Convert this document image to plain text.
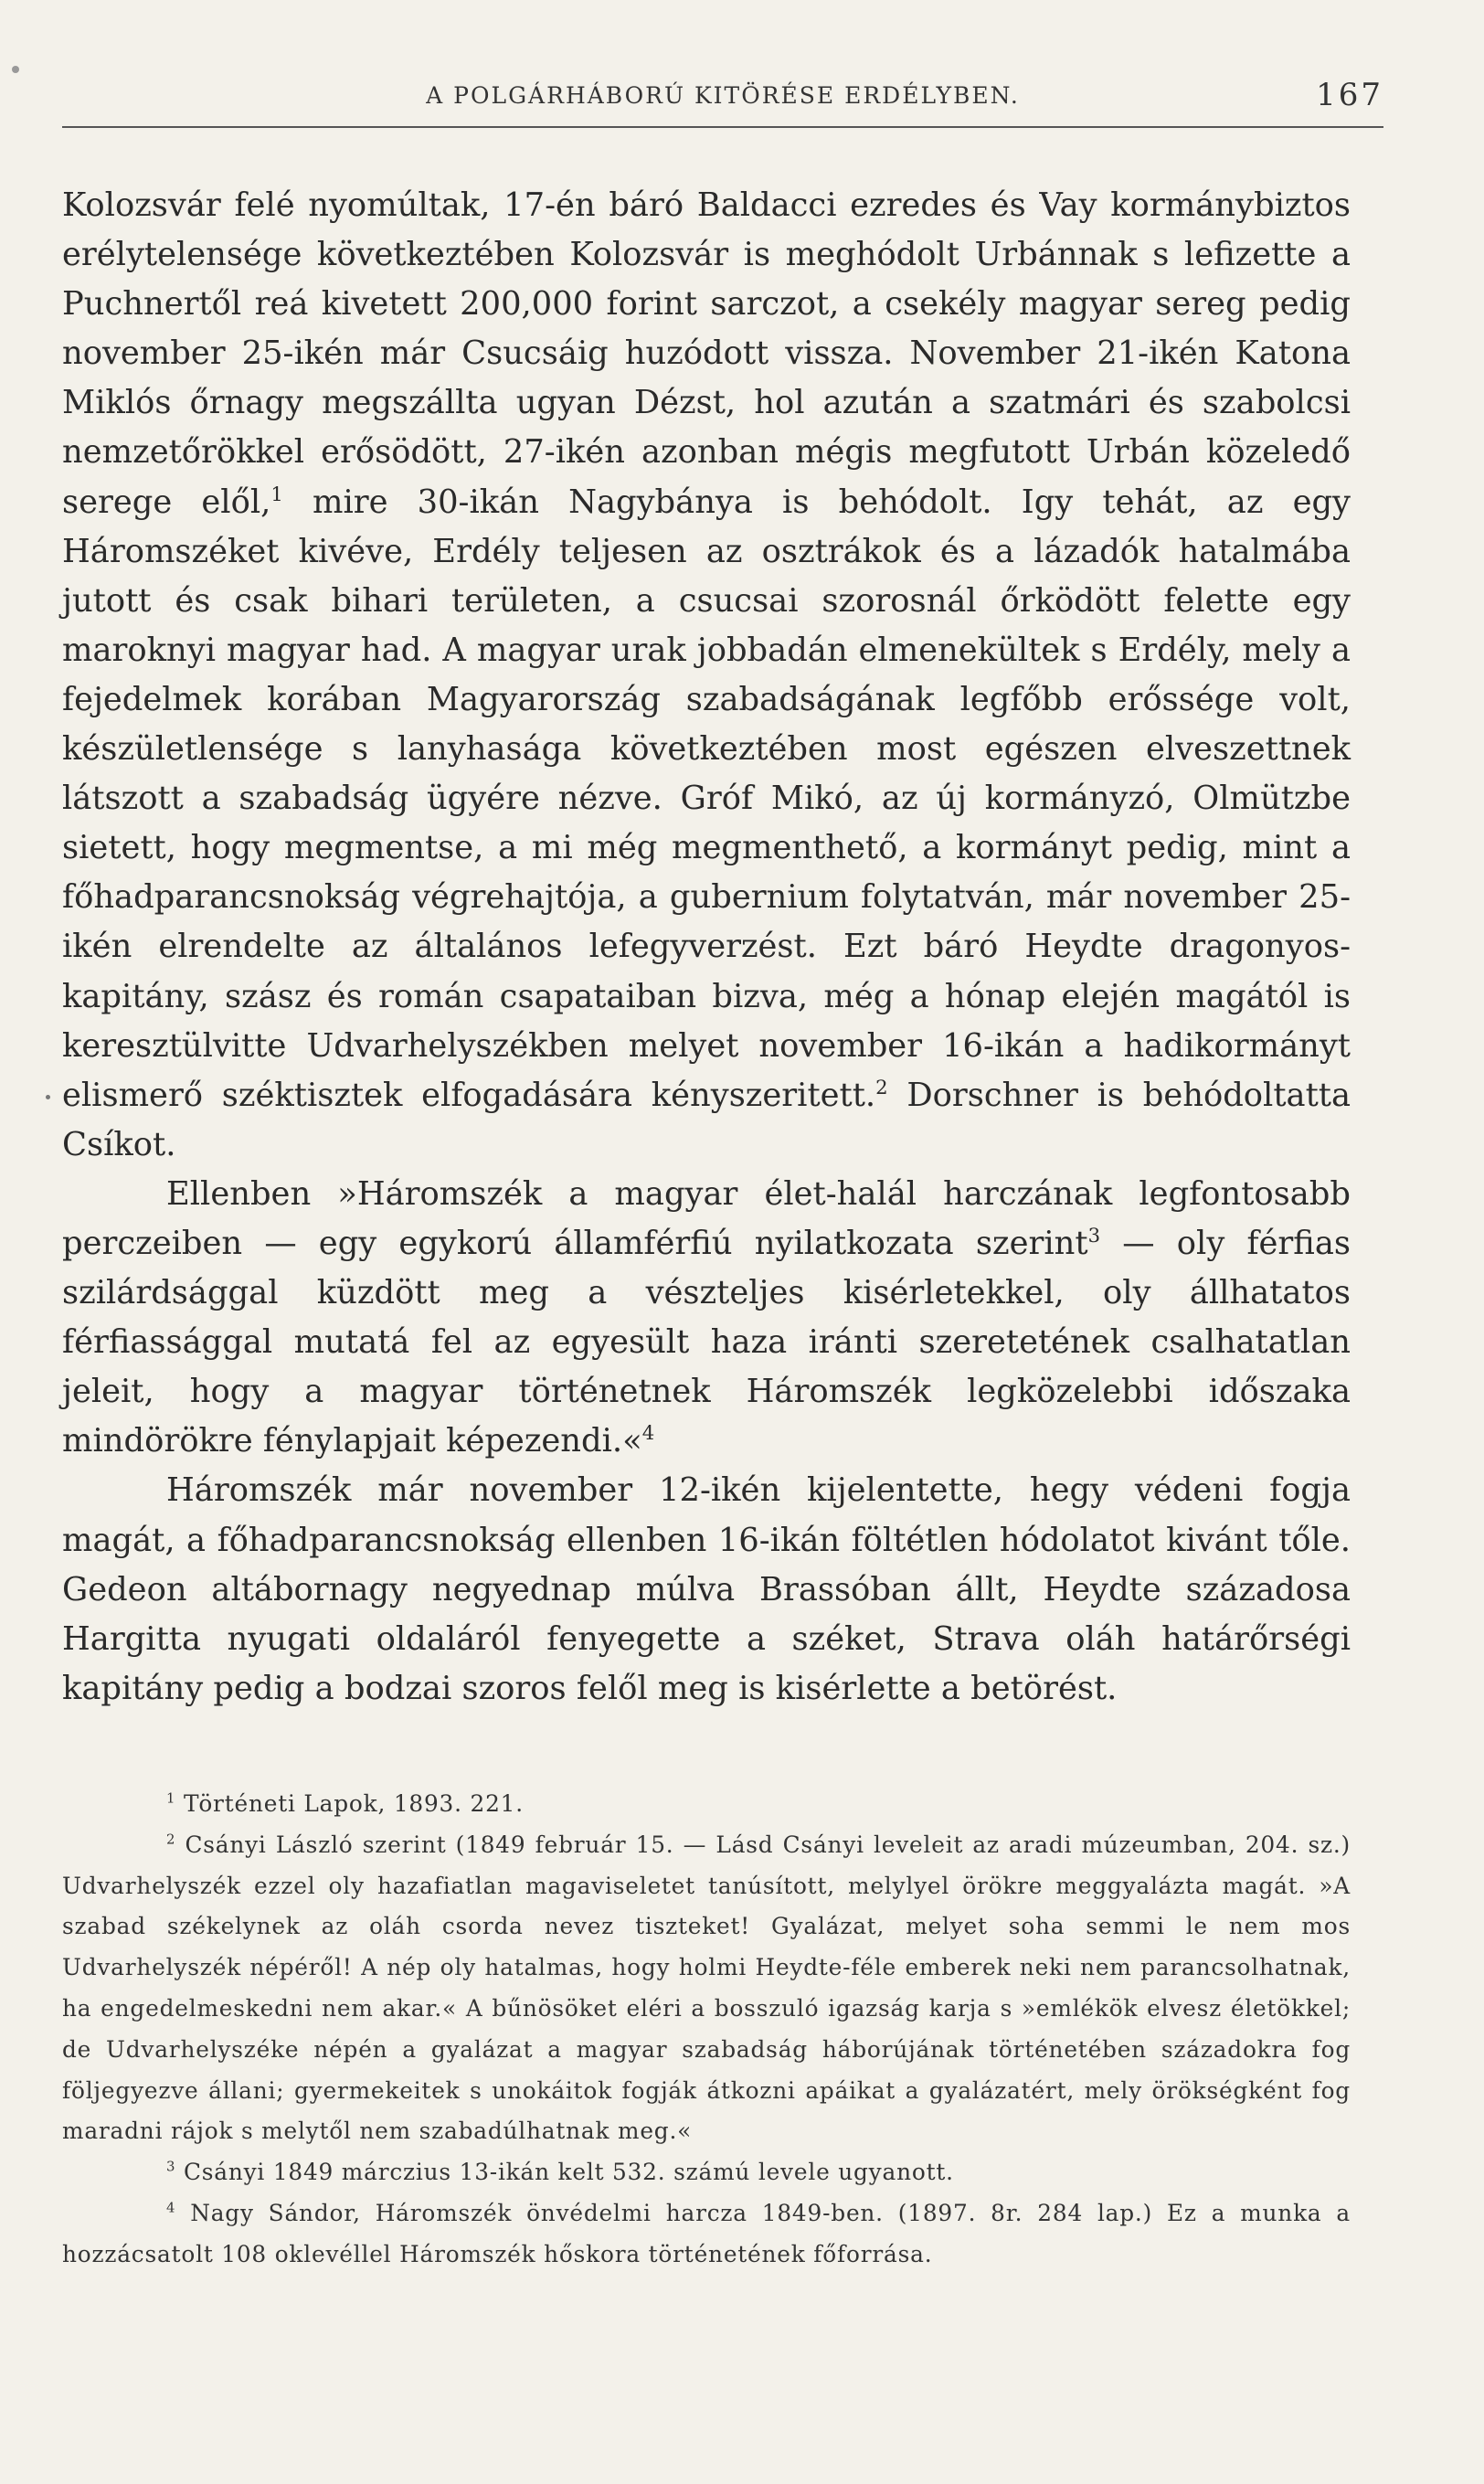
A POLGÁRHÁBORÚ KITÖRÉSE ERDÉLYBEN.	167

Kolozsvár felé nyomúltak, 17-én báró Baldacci ezredes és Vay kormánybiztos erélytelensége következtében Kolozsvár is meghódolt Urbánnak s lefizette a Puchnertől reá kivetett 200,000 forint sarczot, a csekély magyar sereg pedig november 25-ikén már Csucsáig huzódott vissza. November 21-ikén Katona Miklós őrnagy megszállta ugyan Dézst, hol azután a szatmári és szabolcsi nemzetőrökkel erősödött, 27-ikén azonban mégis megfutott Urbán közeledő serege elől,$^1$ mire 30-ikán Nagybánya is behódolt. Igy tehát, az egy Háromszéket kivéve, Erdély teljesen az osztrákok és a lázadók hatalmába jutott és csak bihari területen, a csucsai szorosnál őrködött felette egy maroknyi magyar had. A magyar urak jobbadán elmenekültek s Erdély, mely a fejedelmek korában Magyarország szabadságának legfőbb erőssége volt, készületlensége s lanyhasága következtében most egészen elveszettnek látszott a szabadság ügyére nézve. Gróf Mikó, az új kormányzó, Olmützbe sietett, hogy megmentse, a mi még megmenthető, a kormányt pedig, mint a főhadparancsnokság végrehajtója, a gubernium folytatván, már november 25-ikén elrendelte az általános lefegyverzést. Ezt báró Heydte dragonyos-kapitány, szász és román csapataiban bizva, még a hónap elején magától is keresztülvitte Udvarhelyszékben melyet november 16-ikán a hadikormányt elismerő széktisztek elfogadására kényszeritett.$^2$ Dorschner is behódoltatta Csíkot.

Ellenben »Háromszék a magyar élet-halál harczának legfontosabb perczeiben — egy egykorú államférfiú nyilatkozata szerint$^3$ — oly férfias szilárdsággal küzdött meg a vészteljes kisérletekkel, oly állhatatos férfiassággal mutatá fel az egyesült haza iránti szeretetének csalhatatlan jeleit, hogy a magyar történetnek Háromszék legközelebbi időszaka mindörökre fénylapjait képezendi.«$^4$

Háromszék már november 12-ikén kijelentette, hegy védeni fogja magát, a főhadparancsnokság ellenben 16-ikán föltétlen hódolatot kivánt tőle. Gedeon altábornagy negyednap múlva Brassóban állt, Heydte századosa Hargitta nyugati oldaláról fenyegette a széket, Strava oláh határőrségi kapitány pedig a bodzai szoros felől meg is kisérlette a betörést.

$^1$ Történeti Lapok, 1893. 221.

$^2$ Csányi László szerint (1849 február 15. — Lásd Csányi leveleit az aradi múzeumban, 204. sz.) Udvarhelyszék ezzel oly hazafiatlan magaviseletet tanúsított, melylyel örökre meggyalázta magát. »A szabad székelynek az oláh csorda nevez tiszteket! Gyalázat, melyet soha semmi le nem mos Udvarhelyszék népéről! A nép oly hatalmas, hogy holmi Heydte-féle emberek neki nem parancsolhatnak, ha engedelmeskedni nem akar.« A bűnösöket eléri a bosszuló igazság karja s »emlékök elvesz életökkel; de Udvarhelyszéke népén a gyalázat a magyar szabadság háborújának történetében századokra fog följegyezve állani; gyermekeitek s unokáitok fogják átkozni apáikat a gyalázatért, mely örökségként fog maradni rájok s melytől nem szabadúlhatnak meg.«

$^3$ Csányi 1849 márczius 13-ikán kelt 532. számú levele ugyanott.

$^4$ Nagy Sándor, Háromszék önvédelmi harcza 1849-ben. (1897. 8r. 284 lap.) Ez a munka a hozzácsatolt 108 oklevéllel Háromszék hőskora történetének főforrása.
